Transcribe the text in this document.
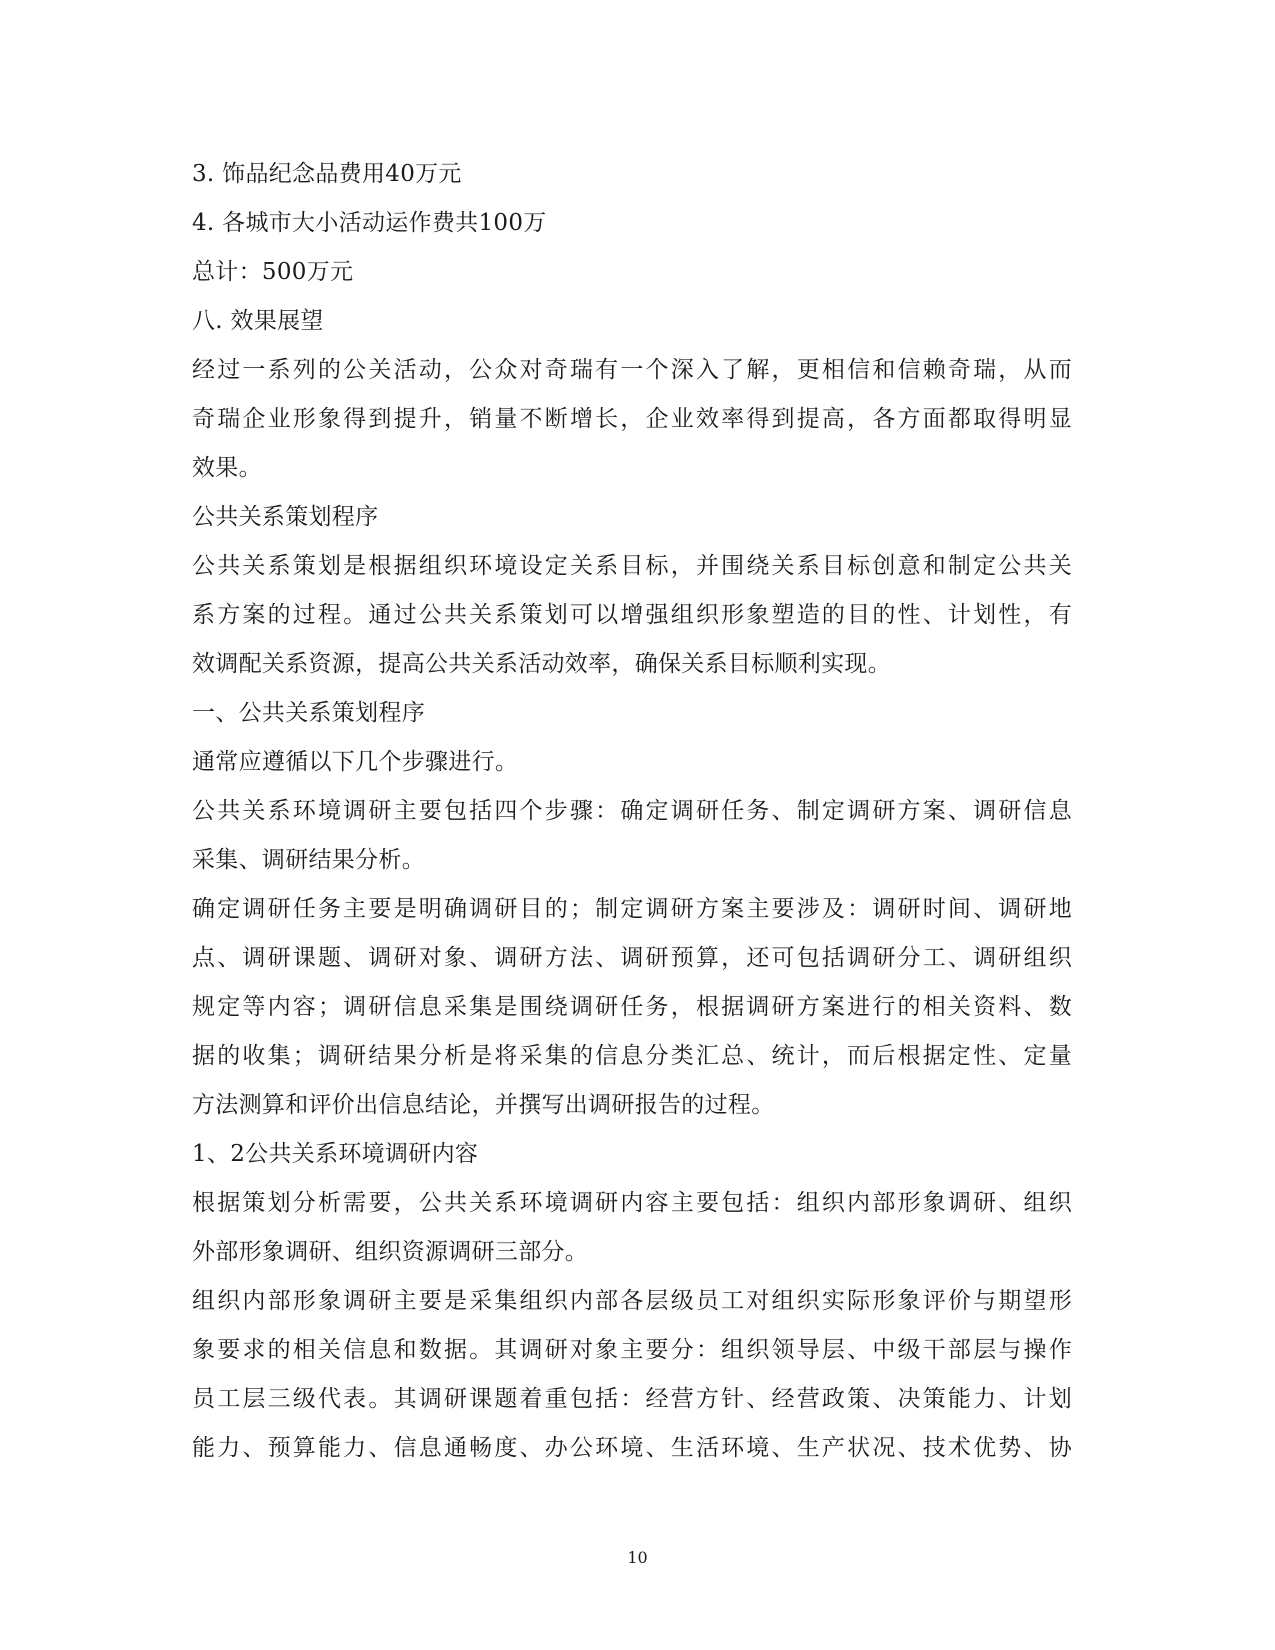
3. 饰品纪念品费用40万元
4. 各城市大小活动运作费共100万
总计：500万元
八. 效果展望
经过一系列的公关活动，公众对奇瑞有一个深入了解，更相信和信赖奇瑞，从而
奇瑞企业形象得到提升，销量不断增长，企业效率得到提高，各方面都取得明显
效果。
公共关系策划程序
公共关系策划是根据组织环境设定关系目标，并围绕关系目标创意和制定公共关
系方案的过程。通过公共关系策划可以增强组织形象塑造的目的性、计划性，有
效调配关系资源，提高公共关系活动效率，确保关系目标顺利实现。
一、公共关系策划程序
通常应遵循以下几个步骤进行。
公共关系环境调研主要包括四个步骤：确定调研任务、制定调研方案、调研信息
采集、调研结果分析。
确定调研任务主要是明确调研目的；制定调研方案主要涉及：调研时间、调研地
点、调研课题、调研对象、调研方法、调研预算，还可包括调研分工、调研组织
规定等内容；调研信息采集是围绕调研任务，根据调研方案进行的相关资料、数
据的收集；调研结果分析是将采集的信息分类汇总、统计，而后根据定性、定量
方法测算和评价出信息结论，并撰写出调研报告的过程。
1、2公共关系环境调研内容
根据策划分析需要，公共关系环境调研内容主要包括：组织内部形象调研、组织
外部形象调研、组织资源调研三部分。
组织内部形象调研主要是采集组织内部各层级员工对组织实际形象评价与期望形
象要求的相关信息和数据。其调研对象主要分：组织领导层、中级干部层与操作
员工层三级代表。其调研课题着重包括：经营方针、经营政策、决策能力、计划
能力、预算能力、信息通畅度、办公环境、生活环境、生产状况、技术优势、协
10
